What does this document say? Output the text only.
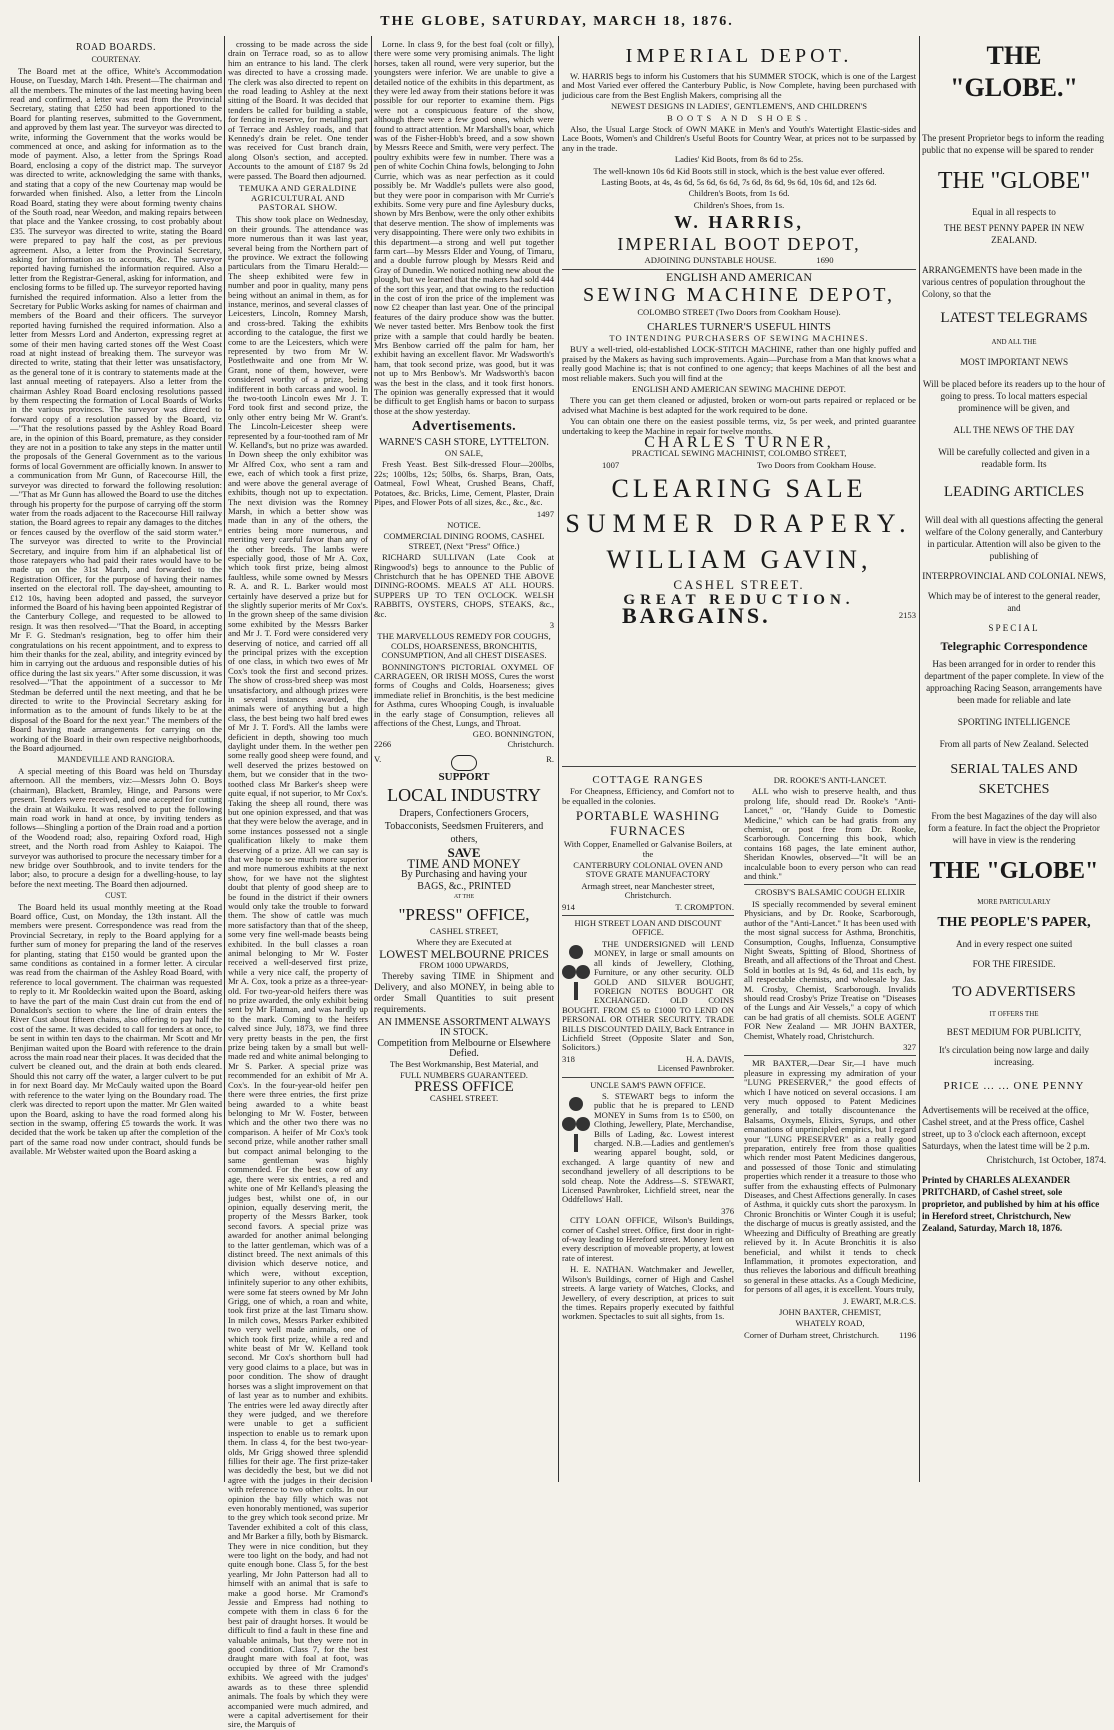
THE GLOBE, SATURDAY, MARCH 18, 1876.
ROAD BOARDS.
COURTENAY.

The Board met at the office, White's Accommodation House, on Tuesday, March 14th. Present—The chairman and all the members. The minutes of the last meeting having been read and confirmed, a letter was read from the Provincial Secretary, stating that £250 had been apportioned to the Board for planting reserves, submitted to the Government, and approved by them last year. The surveyor was directed to write, informing the Government that the works would be commenced at once, and asking for information as to the mode of payment. Also, a letter from the Springs Road Board, enclosing a copy of the district map. The surveyor was directed to write, acknowledging the same with thanks, and stating that a copy of the new Courtenay map would be forwarded when finished. Also, a letter from the Lincoln Road Board, stating they were about forming twenty chains of the South road, near Weedon, and making repairs between that place and the Yankee crossing, to cost probably about £35. The surveyor was directed to write, stating the Board were prepared to pay half the cost, as per previous agreement. Also, a letter from the Provincial Secretary, asking for information as to accounts, &c. The surveyor reported having furnished the information required. Also a letter from the Registrar-General, asking for information, and enclosing forms to be filled up. The surveyor reported having furnished the required information. Also a letter from the Secretary for Public Works asking for names of chairman and members of the Board and their officers. The surveyor reported having furnished the required information. Also a letter from Messrs Lord and Anderton, expressing regret at some of their men having carted stones off the West Coast road at night instead of breaking them. The surveyor was directed to write, stating that their letter was unsatisfactory, as the general tone of it is contrary to statements made at the last annual meeting of ratepayers. Also a letter from the chairman Ashley Road Board enclosing resolutions passed by them respecting the formation of Local Boards of Works in the various provinces. The surveyor was directed to forward copy of a resolution passed by the Board, viz—"That the resolutions passed by the Ashley Road Board are, in the opinion of this Board, premature, as they consider they are not in a position to take any steps in the matter until the proposals of the General Government as to the various forms of local Government are officially known. In answer to a communication from Mr Gunn, of Racecourse Hill, the surveyor was directed to forward the following resolution:—"That as Mr Gunn has allowed the Board to use the ditches through his property for the purpose of carrying off the storm water from the roads adjacent to the Racecourse Hill railway station, the Board agrees to repair any damages to the ditches or fences caused by the overflow of the said storm water." The surveyor was directed to write to the Provincial Secretary, and inquire from him if an alphabetical list of those ratepayers who had paid their rates would have to be made up on the 31st March, and forwarded to the Registration Officer, for the purpose of having their names inserted on the electoral roll. The day-sheet, amounting to £12 10s, having been adopted and passed, the surveyor informed the Board of his having been appointed Registrar of the Canterbury College, and requested to be allowed to resign. It was then resolved—"That the Board, in accepting Mr F. G. Stedman's resignation, beg to offer him their congratulations on his recent appointment, and to express to him their thanks for the zeal, ability, and integrity evinced by him in carrying out the arduous and responsible duties of his office during the last six years." After some discussion, it was resolved—"That the appointment of a successor to Mr Stedman be deferred until the next meeting, and that he be directed to write to the Provincial Secretary asking for information as to the amount of funds likely to be at the disposal of the Board for the next year." The members of the Board having made arrangements for carrying on the working of the Board in their own respective neighborhoods, the Board adjourned.

MANDEVILLE AND RANGIORA.

A special meeting of this Board was held on Thursday afternoon. All the members, viz:—Messrs John O. Boys (chairman), Blackett, Bramley, Hinge, and Parsons were present. Tenders were received, and one accepted for cutting the drain at Waikuku. It was resolved to put the following main road work in hand at once, by inviting tenders as follows—Shingling a portion of the Drain road and a portion of the Woodend road; also, repairing Oxford road, High street, and the North road from Ashley to Kaiapoi. The surveyor was authorised to procure the necessary timber for a new bridge over Southbrook, and to invite tenders for the labor; also, to procure a design for a dwelling-house, to lay before the next meeting. The Board then adjourned.

CUST.

The Board held its usual monthly meeting at the Road Board office, Cust, on Monday, the 13th instant. All the members were present. Correspondence was read from the Provincial Secretary, in reply to the Board applying for a further sum of money for preparing the land of the reserves for planting, stating that £150 would be granted upon the same conditions as contained in a former letter. A circular was read from the chairman of the Ashley Road Board, with reference to local government. The chairman was requested to reply to it. Mr Rooldeckin waited upon the Board, asking to have the part of the main Cust drain cut from the end of Donaldson's section to where the line of drain enters the River Cust about fifteen chains, also offering to pay half the cost of the same. It was decided to call for tenders at once, to be sent in within ten days to the chairman. Mr Scott and Mr Benjiman waited upon the Board with reference to the drain across the main road near their places. It was decided that the culvert be cleaned out, and the drain at both ends cleared. Should this not carry off the water, a larger culvert to be put in for next Board day. Mr McCauly waited upon the Board with reference to the water lying on the Boundary road. The clerk was directed to report upon the matter. Mr Glen waited upon the Board, asking to have the road formed along his section in the swamp, offering £5 towards the work. It was decided that the work be taken up after the completion of the part of the same road now under contract, should funds be available. Mr Webster waited upon the Board asking a

crossing to be made across the side drain on Terrace road, so as to allow him an entrance to his land. The clerk was directed to have a crossing made. The clerk was also directed to repent on the road leading to Ashley at the next sitting of the Board. It was decided that tenders be called for building a stable, for fencing in reserve, for metalling part of Terrace and Ashley roads, and that Kennedy's drain be relet. One tender was received for Cust branch drain, along Olson's section, and accepted. Accounts to the amount of £187 9s 2d were passed. The Board then adjourned.

TEMUKA AND GERALDINE AGRICULTURAL AND PASTORAL SHOW.

This show took place on Wednesday, on their grounds. The attendance was more numerous than it was last year, several being from the Northern part of the province. We extract the following particulars from the Timaru Herald:— The sheep exhibited were few in number and poor in quality, many pens being without an animal in them, as for instance, merinos, and several classes of Leicesters, Lincoln, Romney Marsh, and cross-bred. Taking the exhibits according to the catalogue, the first we come to are the Leicesters, which were represented by two from Mr W. Postlethwaite and one from Mr W. Grant, none of them, however, were considered worthy of a prize, being indifferent in both carcass and wool. In the two-tooth Lincoln ewes Mr J. T. Ford took first and second prize, the only other entry being Mr W. Grant's. The Lincoln-Leicester sheep were represented by a four-toothed ram of Mr W. Kelland's, but no prize was awarded. In Down sheep the only exhibitor was Mr Alfred Cox, who sent a ram and ewe, each of which took a first prize, and were above the general average of exhibits, though not up to expectation. The next division was the Romney Marsh, in which a better show was made than in any of the others, the entries being more numerous, and meriting very careful favor than any of the other breeds. The lambs were especially good, those of Mr A. Cox, which took first prize, being almost faultless, while some owned by Messrs R. A. and R. L. Barker would most certainly have deserved a prize but for the slightly superior merits of Mr Cox's. In the grown sheep of the same division some exhibited by the Messrs Barker and Mr J. T. Ford were considered very deserving of notice, and carried off all the principal prizes with the exception of one class, in which two ewes of Mr Cox's took the first and second prizes. The show of cross-bred sheep was most unsatisfactory, and although prizes were in several instances awarded, the animals were of anything but a high class, the best being two half bred ewes of Mr J. T. Ford's. All the lambs were deficient in depth, showing too much daylight under them. In the wether pen some really good sheep were found, and well deserved the prizes bestowed on them, but we consider that in the two-toothed class Mr Barker's sheep were quite equal, if not superior, to Mr Cox's. Taking the sheep all round, there was but one opinion expressed, and that was that they were below the average, and in some instances possessed not a single qualification likely to make them deserving of a prize. All we can say is that we hope to see much more superior and more numerous exhibits at the next show, for we have not the slightest doubt that plenty of good sheep are to be found in the district if their owners would only take the trouble to forward them. The show of cattle was much more satisfactory than that of the sheep, some very fine well-made beasts being exhibited. In the bull classes a roan animal belonging to Mr W. Foster received a well-deserved first prize, while a very nice calf, the property of Mr A. Cox, took a prize as a three-year-old. For two-year-old heifers there was no prize awarded, the only exhibit being sent by Mr Flatman, and was hardly up to the mark. Coming to the heifers calved since July, 1873, we find three very pretty beasts in the pen, the first prize being taken by a small but well-made red and white animal belonging to Mr S. Parker. A special prize was recommended for an exhibit of Mr A. Cox's. In the four-year-old heifer pen there were three entries, the first prize being awarded to a white beast belonging to Mr W. Foster, between which and the other two there was no comparison. A heifer of Mr Cox's took second prize, while another rather small but compact animal belonging to the same gentleman was highly commended. For the best cow of any age, there were six entries, a red and white one of Mr Kelland's pleasing the judges best, whilst one of, in our opinion, equally deserving merit, the property of the Messrs Barker, took second favors. A special prize was awarded for another animal belonging to the latter gentleman, which was of a distinct breed. The next animals of this division which deserve notice, and which were, without exception, infinitely superior to any other exhibits, were some fat steers owned by Mr John Grigg, one of which, a roan and white, took first prize at the last Timaru show. In milch cows, Messrs Parker exhibited two very well made animals, one of which took first prize, while a red and white beast of Mr W. Kelland took second. Mr Cox's shorthorn bull had very good claims to a place, but was in poor condition. The show of draught horses was a slight improvement on that of last year as to number and exhibits. The entries were led away directly after they were judged, and we therefore were unable to get a sufficient inspection to enable us to remark upon them. In class 4, for the best two-year-olds, Mr Grigg showed three splendid fillies for their age. The first prize-taker was decidedly the best, but we did not agree with the judges in their decision with reference to two other colts. In our opinion the bay filly which was not even honorably mentioned, was superior to the grey which took second prize. Mr Tavender exhibited a colt of this class, and Mr Barker a filly, both by Bismarck. They were in nice condition, but they were too light on the body, and had not quite enough bone. Class 5, for the best yearling, Mr John Patterson had all to himself with an animal that is safe to make a good horse. Mr Cramond's Jessie and Empress had nothing to compete with them in class 6 for the best pair of draught horses. It would be difficult to find a fault in these fine and valuable animals, but they were not in good condition. Class 7, for the best draught mare with foal at foot, was occupied by three of Mr Cramond's exhibits. We agreed with the judges' awards as to these three splendid animals. The foals by which they were accompanied were much admired, and were a capital advertisement for their sire, the Marquis of

Lorne. In class 9, for the best foal (colt or filly), there were some very promising animals. The light horses, taken all round, were very superior, but the youngsters were inferior. We are unable to give a detailed notice of the exhibits in this department, as they were led away from their stations before it was possible for our reporter to examine them. Pigs were not a conspicuous feature of the show, although there were a few good ones, which were found to attract attention. Mr Marshall's boar, which was of the Fisher-Hobb's breed, and a sow shown by Messrs Reece and Smith, were very perfect. The poultry exhibits were few in number. There was a pen of white Cochin China fowls, belonging to John Currie, which was as near perfection as it could possibly be. Mr Waddle's pullets were also good, but they were poor in comparison with Mr Currie's exhibits. Some very pure and fine Aylesbury ducks, shown by Mrs Benbow, were the only other exhibits that deserve mention. The show of implements was very disappointing. There were only two exhibits in this department—a strong and well put together farm cart—by Messrs Elder and Young, of Timaru, and a double furrow plough by Messrs Reid and Gray of Dunedin. We noticed nothing new about the plough, but we learned that the makers had sold 444 of the sort this year, and that owing to the reduction in the cost of iron the price of the implement was now £2 cheaper than last year. One of the principal features of the dairy produce show was the butter. We never tasted better. Mrs Benbow took the first prize with a sample that could hardly be beaten. Mrs Benbow carried off the palm for ham, her exhibit having an excellent flavor. Mr Wadsworth's ham, that took second prize, was good, but it was not up to Mrs Benbow's. Mr Wadsworth's bacon was the best in the class, and it took first honors. The opinion was generally expressed that it would be difficult to get English hams or bacon to surpass those at the show yesterday.

Advertisements.
WARNE'S CASH STORE, LYTTELTON.
ON SALE,

Fresh Yeast. Best Silk-dressed Flour—200lbs, 22s; 100lbs, 12s; 50lbs, 6s. Sharps, Bran, Oats, Oatmeal, Fowl Wheat, Crushed Beans, Chaff, Potatoes, &c. Bricks, Lime, Cement, Plaster, Drain Pipes, and Flower Pots of all sizes, &c., &c., &c.

1497
NOTICE.
COMMERCIAL DINING ROOMS, CASHEL STREET, (Next "Press" Office.)

RICHARD SULLIVAN (Late Cook at Ringwood's) begs to announce to the Public of Christchurch that he has OPENED THE ABOVE DINING-ROOMS. MEALS AT ALL HOURS. SUPPERS UP TO TEN O'CLOCK. WELSH RABBITS, OYSTERS, CHOPS, STEAKS, &c., &c.

3
THE MARVELLOUS REMEDY FOR COUGHS, COLDS, HOARSENESS, BRONCHITIS, CONSUMPTION, And all CHEST DISEASES.

BONNINGTON'S PICTORIAL OXYMEL OF CARRAGEEN, OR IRISH MOSS, Cures the worst forms of Coughs and Colds, Hoarseness; gives immediate relief in Bronchitis, is the best medicine for Asthma, cures Whooping Cough, is invaluable in the early stage of Consumption, relieves all affections of the Chest, Lungs, and Throat.

GEO. BONNINGTON,
2266	Christchurch.
V.	R.
SUPPORT
LOCAL INDUSTRY
Drapers, Confectioners Grocers, Tobacconists, Seedsmen Fruiterers, and others,
SAVE
TIME AND MONEY
By Purchasing and having your
BAGS, &c., PRINTED
AT THE
"PRESS" OFFICE,
CASHEL STREET,
Where they are Executed at
LOWEST MELBOURNE PRICES
FROM 1000 UPWARDS,

Thereby saving TIME in Shipment and Delivery, and also MONEY, in being able to order Small Quantities to suit present requirements.

AN IMMENSE ASSORTMENT ALWAYS IN STOCK.
Competition from Melbourne or Elsewhere Defied.
The Best Workmanship, Best Material, and
FULL NUMBERS GUARANTEED.
PRESS OFFICE
CASHEL STREET.
IMPERIAL DEPOT.

W. HARRIS begs to inform his Customers that his SUMMER STOCK, which is one of the Largest and Most Varied ever offered the Canterbury Public, is Now Complete, having been purchased with judicious care from the Best English Makers, comprising all the

NEWEST DESIGNS IN LADIES', GENTLEMEN'S, AND CHILDREN'S
BOOTS AND SHOES.

Also, the Usual Large Stock of OWN MAKE in Men's and Youth's Watertight Elastic-sides and Lace Boots, Women's and Children's Useful Boots for Country Wear, at prices not to be surpassed by any in the trade.

Ladies' Kid Boots, from 8s 6d to 25s.
The well-known 10s 6d Kid Boots still in stock, which is the best value ever offered.
Lasting Boots, at 4s, 4s 6d, 5s 6d, 6s 6d, 7s 6d, 8s 6d, 9s 6d, 10s 6d, and 12s 6d.
Children's Boots, from 1s 6d.
Children's Shoes, from 1s.
W. HARRIS,
IMPERIAL BOOT DEPOT,
ADJOINING DUNSTABLE HOUSE.	1690
ENGLISH AND AMERICAN
SEWING MACHINE DEPOT,
COLOMBO STREET (Two Doors from Cookham House).
CHARLES TURNER'S USEFUL HINTS
TO INTENDING PURCHASERS OF SEWING MACHINES.

BUY a well-tried, old-established LOCK-STITCH MACHINE, rather than one highly puffed and praised by the Makers as having such improvements. Again—Purchase from a Man that knows what a really good Machine is; that is not confined to one agency; that keeps Machines of all the best and most reliable makers. Such you will find at the

ENGLISH AND AMERICAN SEWING MACHINE DEPOT.

There you can get them cleaned or adjusted, broken or worn-out parts repaired or replaced or be advised what Machine is best adapted for the work required to be done.

You can obtain one there on the easiest possible terms, viz, 5s per week, and printed guarantee undertaking to keep the Machine in repair for twelve months.

CHARLES TURNER,
PRACTICAL SEWING MACHINIST, COLOMBO STREET,
1007	Two Doors from Cookham House.
CLEARING SALE
SUMMER DRAPERY.
WILLIAM GAVIN,
CASHEL STREET.
GREAT REDUCTION.
BARGAINS.	2153
COTTAGE RANGES

For Cheapness, Efficiency, and Comfort not to be equalled in the colonies.

PORTABLE WASHING FURNACES
With Copper, Enamelled or Galvanise Boilers, at the
CANTERBURY COLONIAL OVEN AND STOVE GRATE MANUFACTORY
Armagh street, near Manchester street, Christchurch.
914	T. CROMPTON.
HIGH STREET LOAN AND DISCOUNT OFFICE.

THE UNDERSIGNED will LEND MONEY, in large or small amounts on all kinds of Jewellery, Clothing, Furniture, or any other security. OLD GOLD AND SILVER BOUGHT, FOREIGN NOTES BOUGHT OR EXCHANGED. OLD COINS BOUGHT. FROM £5 to £1000 TO LEND ON PERSONAL OR OTHER SECURITY. TRADE BILLS DISCOUNTED DAILY, Back Entrance in Lichfield Street (Opposite Slater and Son, Solicitors.)

318	H. A. DAVIS,
Licensed Pawnbroker.
UNCLE SAM'S PAWN OFFICE.

S. STEWART begs to inform the public that he is prepared to LEND MONEY in Sums from 1s to £500, on Clothing, Jewellery, Plate, Merchandise, Bills of Lading, &c. Lowest interest charged. N.B.—Ladies and gentlemen's wearing apparel bought, sold, or exchanged. A large quantity of new and secondhand jewellery of all descriptions to be sold cheap. Note the Address—S. STEWART, Licensed Pawnbroker, Lichfield street, near the Oddfellows' Hall.

376

CITY LOAN OFFICE, Wilson's Buildings, corner of Cashel street. Office, first door in right-of-way leading to Hereford street. Money lent on every description of moveable property, at lowest rate of interest.

H. E. NATHAN. Watchmaker and Jeweller, Wilson's Buildings, corner of High and Cashel streets. A large variety of Watches, Clocks, and Jewellery, of every description, at prices to suit the times. Repairs properly executed by faithful workmen. Spectacles to suit all sights, from 1s.

DR. ROOKE'S ANTI-LANCET.

ALL who wish to preserve health, and thus prolong life, should read Dr. Rooke's "Anti-Lancet," or, "Handy Guide to Domestic Medicine," which can be had gratis from any chemist, or post free from Dr. Rooke, Scarborough. Concerning this book, which contains 168 pages, the late eminent author, Sheridan Knowles, observed—"It will be an incalculable boon to every person who can read and think."

CROSBY'S BALSAMIC COUGH ELIXIR

IS specially recommended by several eminent Physicians, and by Dr. Rooke, Scarborough, author of the "Anti-Lancet." It has been used with the most signal success for Asthma, Bronchitis, Consumption, Coughs, Influenza, Consumptive Night Sweats, Spitting of Blood, Shortness of Breath, and all affections of the Throat and Chest. Sold in bottles at 1s 9d, 4s 6d, and 11s each, by all respectable chemists, and wholesale by Jas. M. Crosby, Chemist, Scarborough. Invalids should read Crosby's Prize Treatise on "Diseases of the Lungs and Air Vessels," a copy of which can be had gratis of all chemists. SOLE AGENT FOR New Zealand — MR JOHN BAXTER, Chemist, Whately road, Christchurch.

327

MR BAXTER,—Dear Sir,—I have much pleasure in expressing my admiration of your "LUNG PRESERVER," the good effects of which I have noticed on several occasions. I am very much opposed to Patent Medicines generally, and totally discountenance the Balsams, Oxymels, Elixirs, Syrups, and other emanations of unprincipled empirics, but I regard your "LUNG PRESERVER" as a really good preparation, entirely free from those qualities which render most Patent Medicines dangerous, and possessed of those Tonic and stimulating properties which render it a treasure to those who suffer from the exhausting effects of Pulmonary Diseases, and Chest Affections generally. In cases of Asthma, it quickly cuts short the paroxysm. In Chronic Bronchitis or Winter Cough it is useful; the discharge of mucus is greatly assisted, and the Wheezing and Difficulty of Breathing are greatly relieved by it. In Acute Bronchitis it is also beneficial, and whilst it tends to check Inflammation, it promotes expectoration, and thus relieves the laborious and difficult breathing so general in these attacks. As a Cough Medicine, for persons of all ages, it is excellent. Yours truly,

J. EWART, M.R.C.S.
JOHN BAXTER, CHEMIST,
WHATELY ROAD,
Corner of Durham street, Christchurch. 1196
THE "GLOBE."
The present Proprietor begs to inform the reading public that no expense will be spared to render
THE "GLOBE"
Equal in all respects to
THE BEST PENNY PAPER IN NEW ZEALAND.
ARRANGEMENTS have been made in the various centres of population throughout the Colony, so that the
LATEST TELEGRAMS
AND ALL THE
MOST IMPORTANT NEWS
Will be placed before its readers up to the hour of going to press. To local matters especial prominence will be given, and
ALL THE NEWS OF THE DAY
Will be carefully collected and given in a readable form. Its
LEADING ARTICLES
Will deal with all questions affecting the general welfare of the Colony generally, and Canterbury in particular. Attention will also be given to the publishing of
INTERPROVINCIAL AND COLONIAL NEWS,
Which may be of interest to the general reader, and
SPECIAL
Telegraphic Correspondence
Has been arranged for in order to render this department of the paper complete. In view of the approaching Racing Season, arrangements have been made for reliable and late
SPORTING INTELLIGENCE
From all parts of New Zealand. Selected
SERIAL TALES AND SKETCHES
From the best Magazines of the day will also form a feature. In fact the object the Proprietor will have in view is the rendering
THE "GLOBE"
MORE PARTICULARLY
THE PEOPLE'S PAPER,
And in every respect one suited
FOR THE FIRESIDE.
TO ADVERTISERS
IT OFFERS THE
BEST MEDIUM FOR PUBLICITY,
It's circulation being now large and daily increasing.
PRICE ... ... ONE PENNY
Advertisements will be received at the office, Cashel street, and at the Press office, Cashel street, up to 3 o'clock each afternoon, except Saturdays, when the latest time will be 2 p.m.
Christchurch, 1st October, 1874.
Printed by CHARLES ALEXANDER PRITCHARD, of Cashel street, sole proprietor, and published by him at his office in Hereford street, Christchurch, New Zealand, Saturday, March 18, 1876.
